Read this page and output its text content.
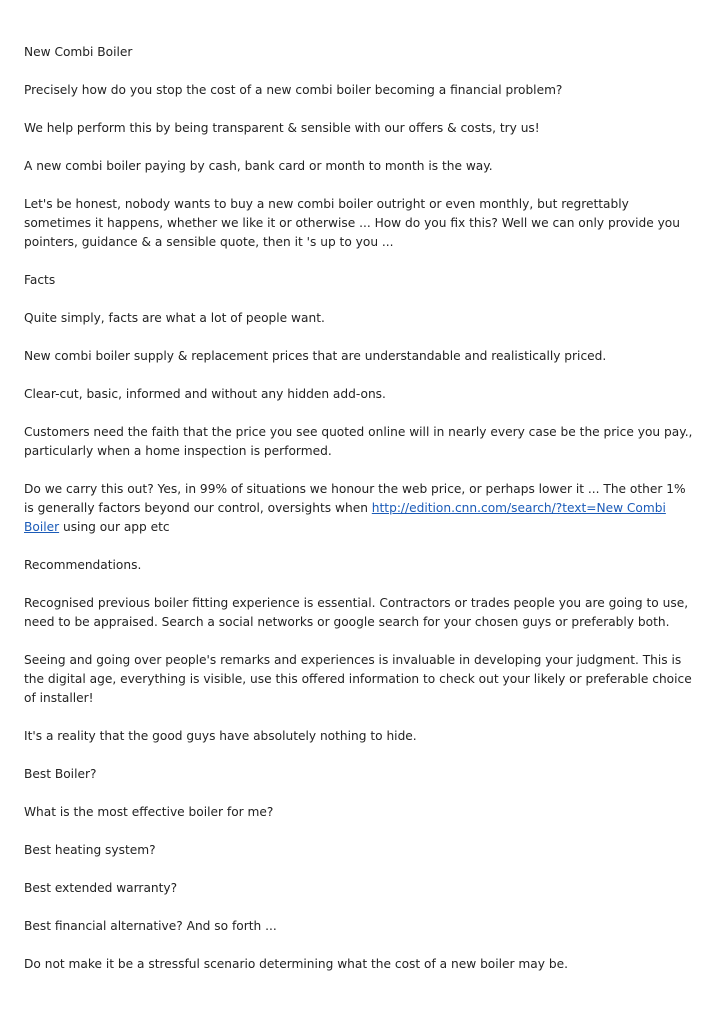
New Combi Boiler

Precisely how do you stop the cost of a new combi boiler becoming a financial problem?

We help perform this by being transparent & sensible with our offers & costs, try us!

A new combi boiler paying by cash, bank card or month to month is the way.

Let's be honest, nobody wants to buy a new combi boiler outright or even monthly, but regrettably sometimes it happens, whether we like it or otherwise ... How do you fix this? Well we can only provide you pointers, guidance & a sensible quote, then it 's up to you ...

Facts

Quite simply, facts are what a lot of people want.

New combi boiler supply & replacement prices that are understandable and realistically priced.

Clear-cut, basic, informed and without any hidden add-ons.

Customers need the faith that the price you see quoted online will in nearly every case be the price you pay., particularly when a home inspection is performed.

Do we carry this out? Yes, in 99% of situations we honour the web price, or perhaps lower it ... The other 1% is generally factors beyond our control, oversights when http://edition.cnn.com/search/?text=New Combi Boiler using our app etc

Recommendations.

Recognised previous boiler fitting experience is essential. Contractors or trades people you are going to use, need to be appraised. Search a social networks or google search for your chosen guys or preferably both.

Seeing and going over people's remarks and experiences is invaluable in developing your judgment. This is the digital age, everything is visible, use this offered information to check out your likely or preferable choice of installer!

It's a reality that the good guys have absolutely nothing to hide.

Best Boiler?

What is the most effective boiler for me?

Best heating system?

Best extended warranty?

Best financial alternative? And so forth ...

Do not make it be a stressful scenario determining what the cost of a new boiler may be.
